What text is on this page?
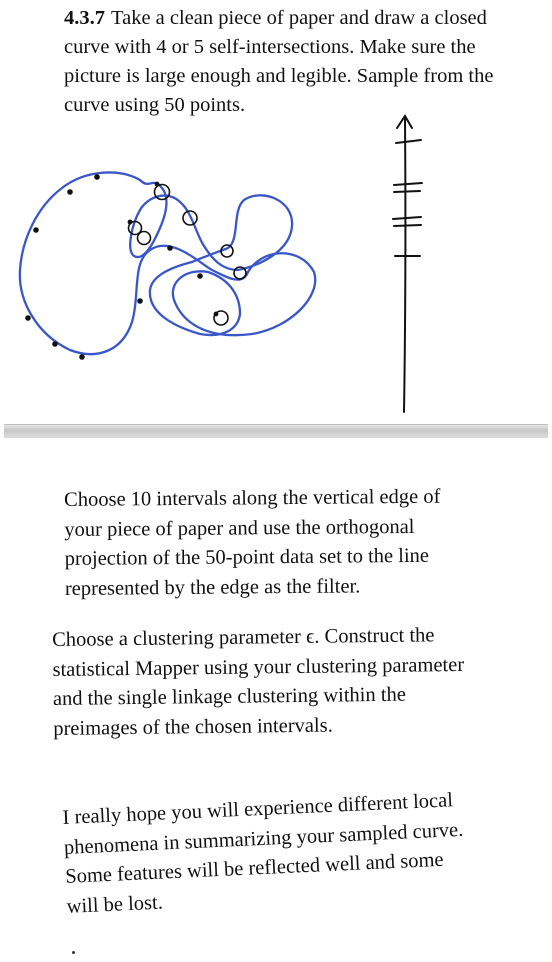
4.3.7 Take a clean piece of paper and draw a closed curve with 4 or 5 self-intersections. Make sure the picture is large enough and legible. Sample from the curve using 50 points.

Choose 10 intervals along the vertical edge of your piece of paper and use the orthogonal projection of the 50-point data set to the line represented by the edge as the filter.

Choose a clustering parameter ϵ. Construct the statistical Mapper using your clustering parameter and the single linkage clustering within the preimages of the chosen intervals.

I really hope you will experience different local phenomena in summarizing your sampled curve. Some features will be reflected well and some will be lost.
